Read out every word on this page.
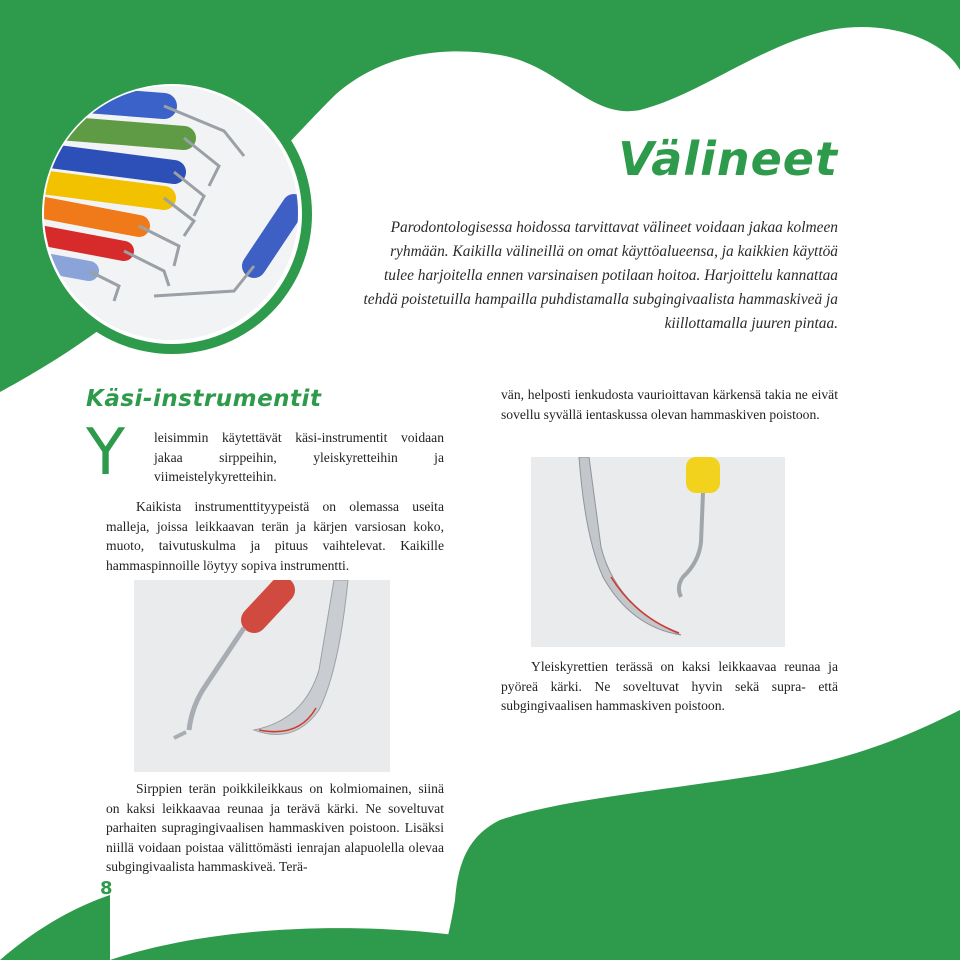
Välineet

Parodontologisessa hoidossa tarvittavat välineet voidaan jakaa kolmeen ryhmään. Kaikilla välineillä on omat käyttöalueensa, ja kaikkien käyttöä tulee harjoitella ennen varsinaisen potilaan hoitoa. Harjoittelu kannattaa tehdä poistetuilla hampailla puhdistamalla subgingivaalista hammaskiveä ja kiillottamalla juuren pintaa.

Käsi-instrumentit
Y leisimmin käytettävät käsi-instrumentit voidaan jakaa sirppeihin, yleiskyretteihin ja viimeistelykyretteihin.

Kaikista instrumenttityypeistä on olemassa useita malleja, joissa leikkaavan terän ja kärjen varsiosan koko, muoto, taivutuskulma ja pituus vaihtelevat. Kaikille hammaspinnoille löytyy sopiva instrumentti.

Sirppien terän poikkileikkaus on kolmiomainen, siinä on kaksi leikkaavaa reunaa ja terävä kärki. Ne soveltuvat parhaiten supragingivaalisen hammaskiven poistoon. Lisäksi niillä voidaan poistaa välittömästi ienrajan alapuolella olevaa subgingivaalista hammaskiveä. Terä-

vän, helposti ienkudosta vaurioittavan kärkensä takia ne eivät sovellu syvällä ientaskussa olevan hammaskiven poistoon.

Yleiskyrettien terässä on kaksi leikkaavaa reunaa ja pyöreä kärki. Ne soveltuvat hyvin sekä supra- että subgingivaalisen hammaskiven poistoon.

8
